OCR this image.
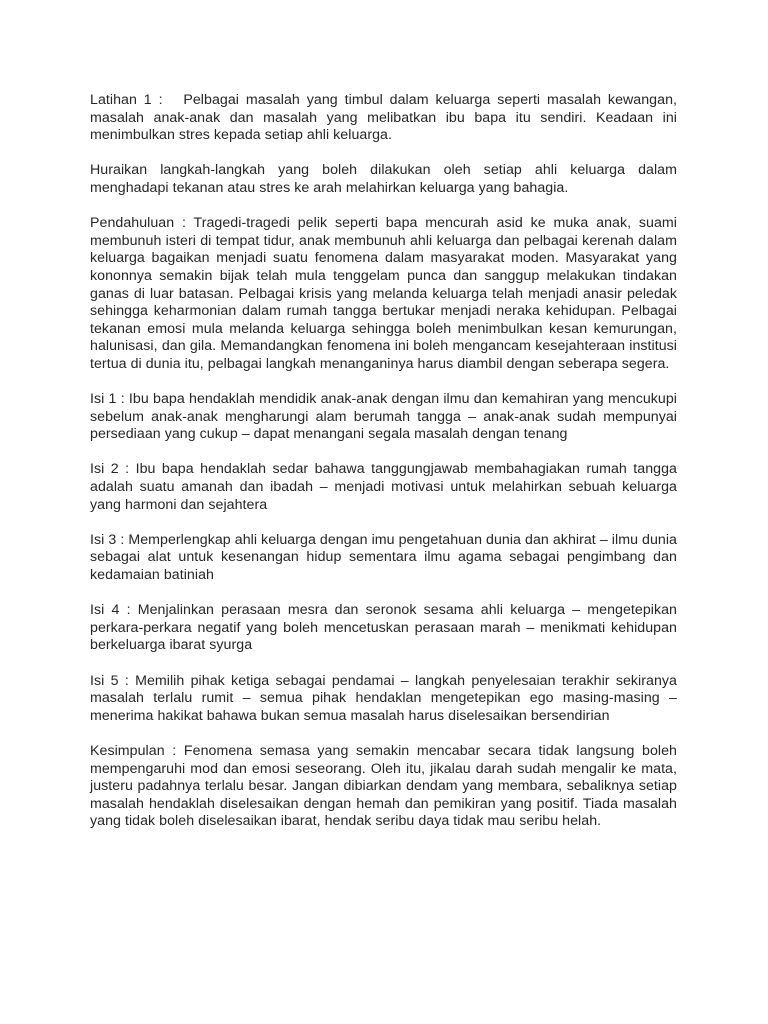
Latihan 1 :   Pelbagai masalah yang timbul dalam keluarga seperti masalah kewangan, masalah anak-anak dan masalah yang melibatkan ibu bapa itu sendiri. Keadaan ini menimbulkan stres kepada setiap ahli keluarga.

Huraikan langkah-langkah yang boleh dilakukan oleh setiap ahli keluarga dalam menghadapi tekanan atau stres ke arah melahirkan keluarga yang bahagia.

Pendahuluan : Tragedi-tragedi pelik seperti bapa mencurah asid ke muka anak, suami membunuh isteri di tempat tidur, anak membunuh ahli keluarga dan pelbagai kerenah dalam keluarga bagaikan menjadi suatu fenomena dalam masyarakat moden. Masyarakat yang kononnya semakin bijak telah mula tenggelam punca dan sanggup melakukan tindakan ganas di luar batasan. Pelbagai krisis yang melanda keluarga telah menjadi anasir peledak sehingga keharmonian dalam rumah tangga bertukar menjadi neraka kehidupan. Pelbagai tekanan emosi mula melanda keluarga sehingga boleh menimbulkan kesan kemurungan, halunisasi, dan gila. Memandangkan fenomena ini boleh mengancam kesejahteraan institusi tertua di dunia itu, pelbagai langkah menanganinya harus diambil dengan seberapa segera.

Isi 1 : Ibu bapa hendaklah mendidik anak-anak dengan ilmu dan kemahiran yang mencukupi sebelum anak-anak mengharungi alam berumah tangga – anak-anak sudah mempunyai persediaan yang cukup – dapat menangani segala masalah dengan tenang

Isi 2 : Ibu bapa hendaklah sedar bahawa tanggungjawab membahagiakan rumah tangga adalah suatu amanah dan ibadah – menjadi motivasi untuk melahirkan sebuah keluarga yang harmoni dan sejahtera

Isi 3 : Memperlengkap ahli keluarga dengan imu pengetahuan dunia dan akhirat – ilmu dunia sebagai alat untuk kesenangan hidup sementara ilmu agama sebagai pengimbang dan kedamaian batiniah

Isi 4 : Menjalinkan perasaan mesra dan seronok sesama ahli keluarga – mengetepikan perkara-perkara negatif yang boleh mencetuskan perasaan marah – menikmati kehidupan berkeluarga ibarat syurga

Isi 5 : Memilih pihak ketiga sebagai pendamai – langkah penyelesaian terakhir sekiranya masalah terlalu rumit – semua pihak hendaklan mengetepikan ego masing-masing – menerima hakikat bahawa bukan semua masalah harus diselesaikan bersendirian

Kesimpulan : Fenomena semasa yang semakin mencabar secara tidak langsung boleh mempengaruhi mod dan emosi seseorang. Oleh itu, jikalau darah sudah mengalir ke mata, justeru padahnya terlalu besar. Jangan dibiarkan dendam yang membara, sebaliknya setiap masalah hendaklah diselesaikan dengan hemah dan pemikiran yang positif. Tiada masalah yang tidak boleh diselesaikan ibarat, hendak seribu daya tidak mau seribu helah.
